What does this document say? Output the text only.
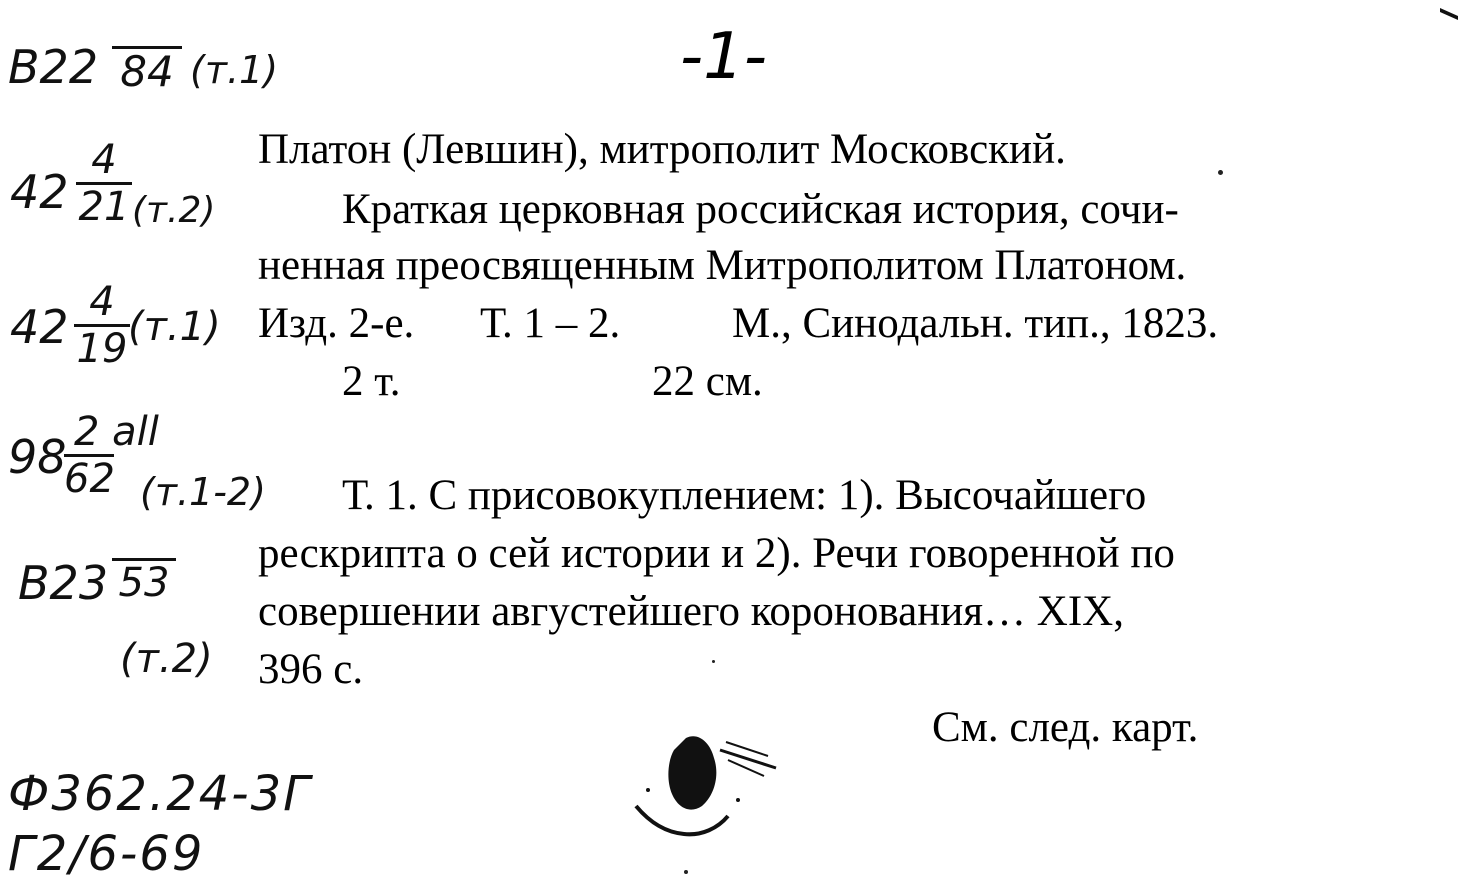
-1-
B22 84 (т.1)
42
4
21 (т.2)
42 4
19 (т.1)
98 2 all
62 (т.1-2)
B23 53
(т.2)
Ф362.24-3Г
Г2/6-69
Платон (Левшин), митрополит Московский.
Краткая церковная российская история, сочи-
ненная преосвященным Митрополитом Платоном.
Изд. 2-е. Т. 1 – 2.	М., Синодальн. тип., 1823.
2 т.	22 см.
Т. 1. С присовокуплением: 1). Высочайшего
рескрипта о сей истории и 2). Речи говоренной по
совершении августейшего коронования… XIX,
396 с.
См. след. карт.
